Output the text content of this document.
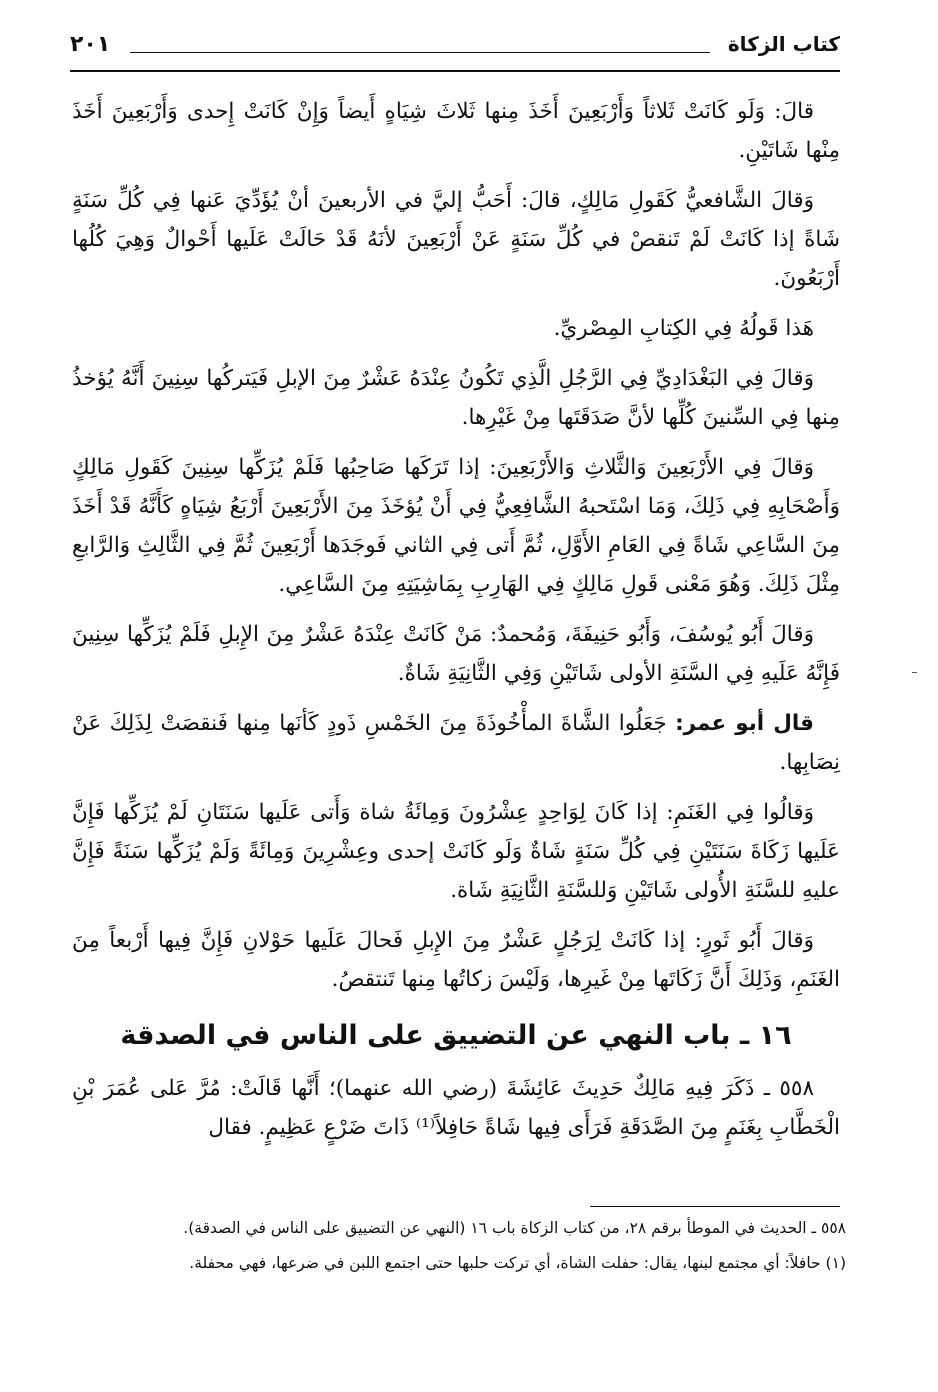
كتاب الزكاة
٢٠١

قالَ: وَلَو كَانَتْ ثَلاثاً وَأَرْبَعِينَ أَخَذَ مِنها ثَلاثَ شِيَاهٍ أَيضاً وَإِنْ كَانَتْ إِحدى وَأَرْبَعِينَ أَخَذَ مِنْها شَاتَيْنِ.

وَقالَ الشَّافعيُّ كَقَولِ مَالِكٍ، قالَ: أَحَبُّ إليَّ في الأربعينَ أنْ يُؤَدِّيَ عَنها فِي كُلِّ سَنَةٍ شَاةً إذا كَانَتْ لَمْ تَنقصْ في كُلِّ سَنَةٍ عَنْ أَرْبَعِينَ لأنَهُ قَدْ حَالَتْ عَلَيها أَحْوالٌ وَهِيَ كُلُها أَرْبَعُونَ.

هَذا قَولُهُ فِي الكِتابِ المِصْريِّ.

وَقالَ فِي البَغْدَادِيِّ فِي الرَّجُلِ الَّذِي تَكُونُ عِنْدَهُ عَشْرٌ مِنَ الإبلِ فَيَتركُها سِنِينَ أَنَّهُ يُؤخذُ مِنها فِي السِّنينَ كُلِّها لأنَّ صَدَقَتَها مِنْ غَيْرِها.

وَقالَ فِي الأَرْبَعِينَ وَالثَّلاثِ وَالأَرْبَعِينَ: إذا تَرَكَها صَاحِبُها فَلَمْ يُزَكِّها سِنِينَ كَقَولِ مَالِكٍ وَأَصْحَابِهِ فِي ذَلِكَ، وَمَا اسْتَحبهُ الشَّافِعِيُّ فِي أَنْ يُؤخَذَ مِنَ الأَرْبَعِينَ أَرْبَعُ شِيَاهٍ كَأَنَّهُ قَدْ أَخَذَ مِنَ السَّاعِي شَاةً فِي العَامِ الأَوَّلِ، ثُمَّ أَتى فِي الثاني فَوجَدَها أَرْبَعِينَ ثُمَّ فِي الثَّالِثِ وَالرَّابعِ مِثْلَ ذَلِكَ. وَهُوَ مَعْنى قَولِ مَالِكٍ فِي الهَارِبِ بِمَاشِيَتِهِ مِنَ السَّاعِي.

وَقالَ أَبُو يُوسُفَ، وَأَبُو حَنِيفَةَ، وَمُحمدٌ: مَنْ كَانَتْ عِنْدَهُ عَشْرٌ مِنَ الإِبلِ فَلَمْ يُزَكِّها سِنِينَ فَإِنَّهُ عَلَيهِ فِي السَّنَةِ الأولى شَاتَيْنِ وَفِي الثَّانِيَةِ شَاةٌ.

قال أبو عمر: جَعَلُوا الشَّاةَ المأْخُوذَةَ مِنَ الخَمْسِ ذَودٍ كَأنَها مِنها فَنقصَتْ لِذَلِكَ عَنْ نِصَابِها.

وَقالُوا فِي الغَنَمِ: إذا كَانَ لِوَاحِدٍ عِشْرُونَ وَمِائَةُ شاة وَأَتى عَلَيها سَنَتَانِ لَمْ يُزَكِّها فَإِنَّ عَلَيها زَكَاةَ سَنَتَيْنِ فِي كُلِّ سَنَةٍ شَاةٌ وَلَو كَانَتْ إحدى وعِشْرِينَ وَمِائَةً وَلَمْ يُزَكِّها سَنَةً فَإِنَّ عليهِ للسَّنَةِ الأُولى شَاتَيْنِ وَللسَّنَةِ الثَّانِيَةِ شَاة.

وَقالَ أَبُو ثَورٍ: إذا كَانَتْ لِرَجُلٍ عَشْرٌ مِنَ الإِبلِ فَحالَ عَلَيها حَوْلانِ فَإِنَّ فِيها أَرْبعاً مِنَ الغَنَمِ، وَذَلِكَ أَنَّ زَكَاتَها مِنْ غَيرِها، وَلَيْسَ زكاتُها مِنها تَنتقصُ.

١٦ ـ باب النهي عن التضييق على الناس في الصدقة

٥٥٨ ـ ذَكَرَ فِيهِ مَالِكٌ حَدِيثَ عَائِشَةَ (رضي الله عنهما)؛ أَنَّها قَالَتْ: مُرَّ عَلى عُمَرَ بْنِ الْخَطَّابِ بِغَنَمٍ مِنَ الصَّدَقَةِ فَرَأَى فِيها شَاةً حَافِلاً⁽¹⁾ ذَاتَ ضَرْعٍ عَظِيمٍ. فقال

٥٥٨ ـ الحديث في الموطأ برقم ٢٨، من كتاب الزكاة باب ١٦ (النهي عن التضييق على الناس في الصدقة).

(١) حافلاً: أي مجتمع لبنها، يقال: حفلت الشاة، أي تركت حلبها حتى اجتمع اللبن في ضرعها، فهي محفلة.
